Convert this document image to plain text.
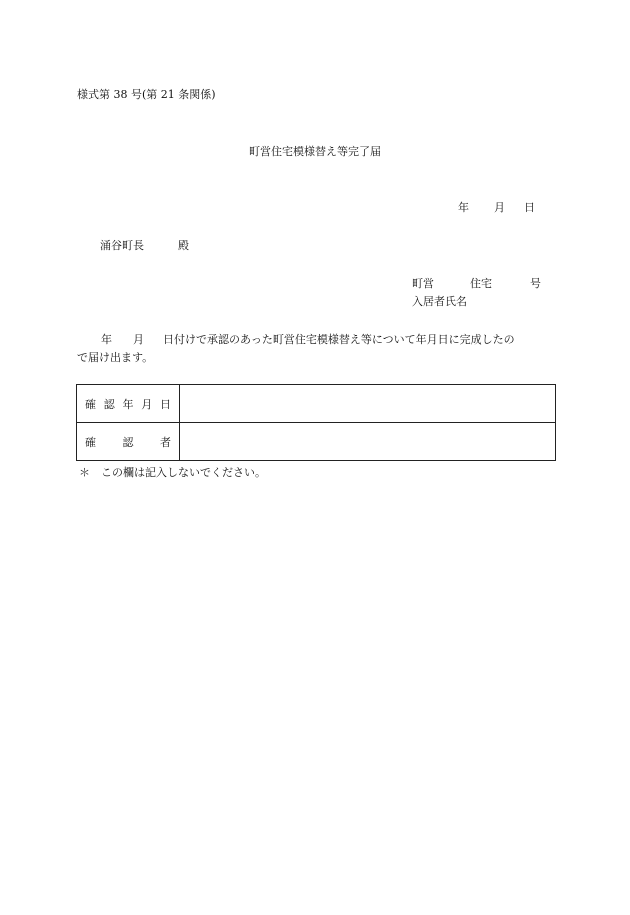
様式第 38 号(第 21 条関係)
町営住宅模様替え等完了届
年 月 日
涌谷町長	殿
町営	住宅	号
入居者氏名
年 月 日付けで承認のあった町営住宅模様替え等について年月日に完成したの
で届け出ます。
確 認 年 月 日	
確　認　者	
＊ この欄は記入しないでください。
